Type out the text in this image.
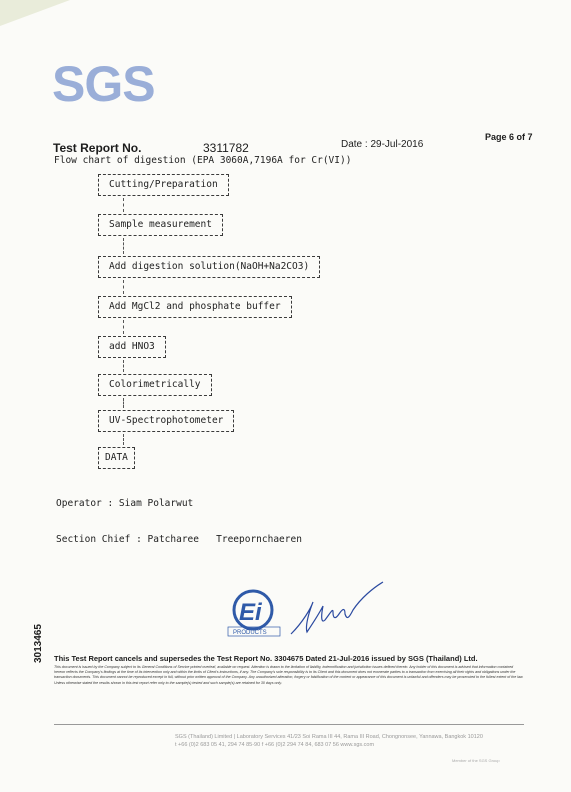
SGS
Test Report No.	3311782	Date : 29-Jul-2016
Page 6 of 7
Flow chart of digestion (EPA 3060A,7196A for Cr(VI))
Cutting/Preparation
Sample measurement
Add digestion solution(NaOH+Na2CO3)
Add MgCl2 and phosphate buffer
add HNO3
Colorimetrically
UV-Spectrophotometer
DATA

Operator : Siam Polarwut

Section Chief : Patcharee   Treepornchaeren

Ei
PRODUCTS
This Test Report cancels and supersedes the Test Report No. 3304675 Dated 21-Jul-2016 issued by SGS (Thailand) Ltd.
This document is issued by the Company subject to its General Conditions of Service printed overleaf, available on request. Attention is drawn to the limitation of liability, indemnification and jurisdiction issues defined therein. Any holder of this document is advised that information contained hereon reflects the Company's findings at the time of its intervention only and within the limits of Client's instructions, if any. The Company's sole responsibility is to its Client and this document does not exonerate parties to a transaction from exercising all their rights and obligations under the transaction documents. This document cannot be reproduced except in full, without prior written approval of the Company. Any unauthorized alteration, forgery or falsification of the content or appearance of this document is unlawful and offenders may be prosecuted to the fullest extent of the law. Unless otherwise stated the results shown in this test report refer only to the sample(s) tested and such sample(s) are retained for 30 days only.
3013465
SGS (Thailand) Limited | Laboratory Services 41/23 Soi Rama III 44, Rama III Road, Chongnonsee, Yannawa, Bangkok 10120
t +66 (0)2 683 05 41, 294 74 85-90 f +66 (0)2 294 74 84, 683 07 56 www.sgs.com
Member of the SGS Group
